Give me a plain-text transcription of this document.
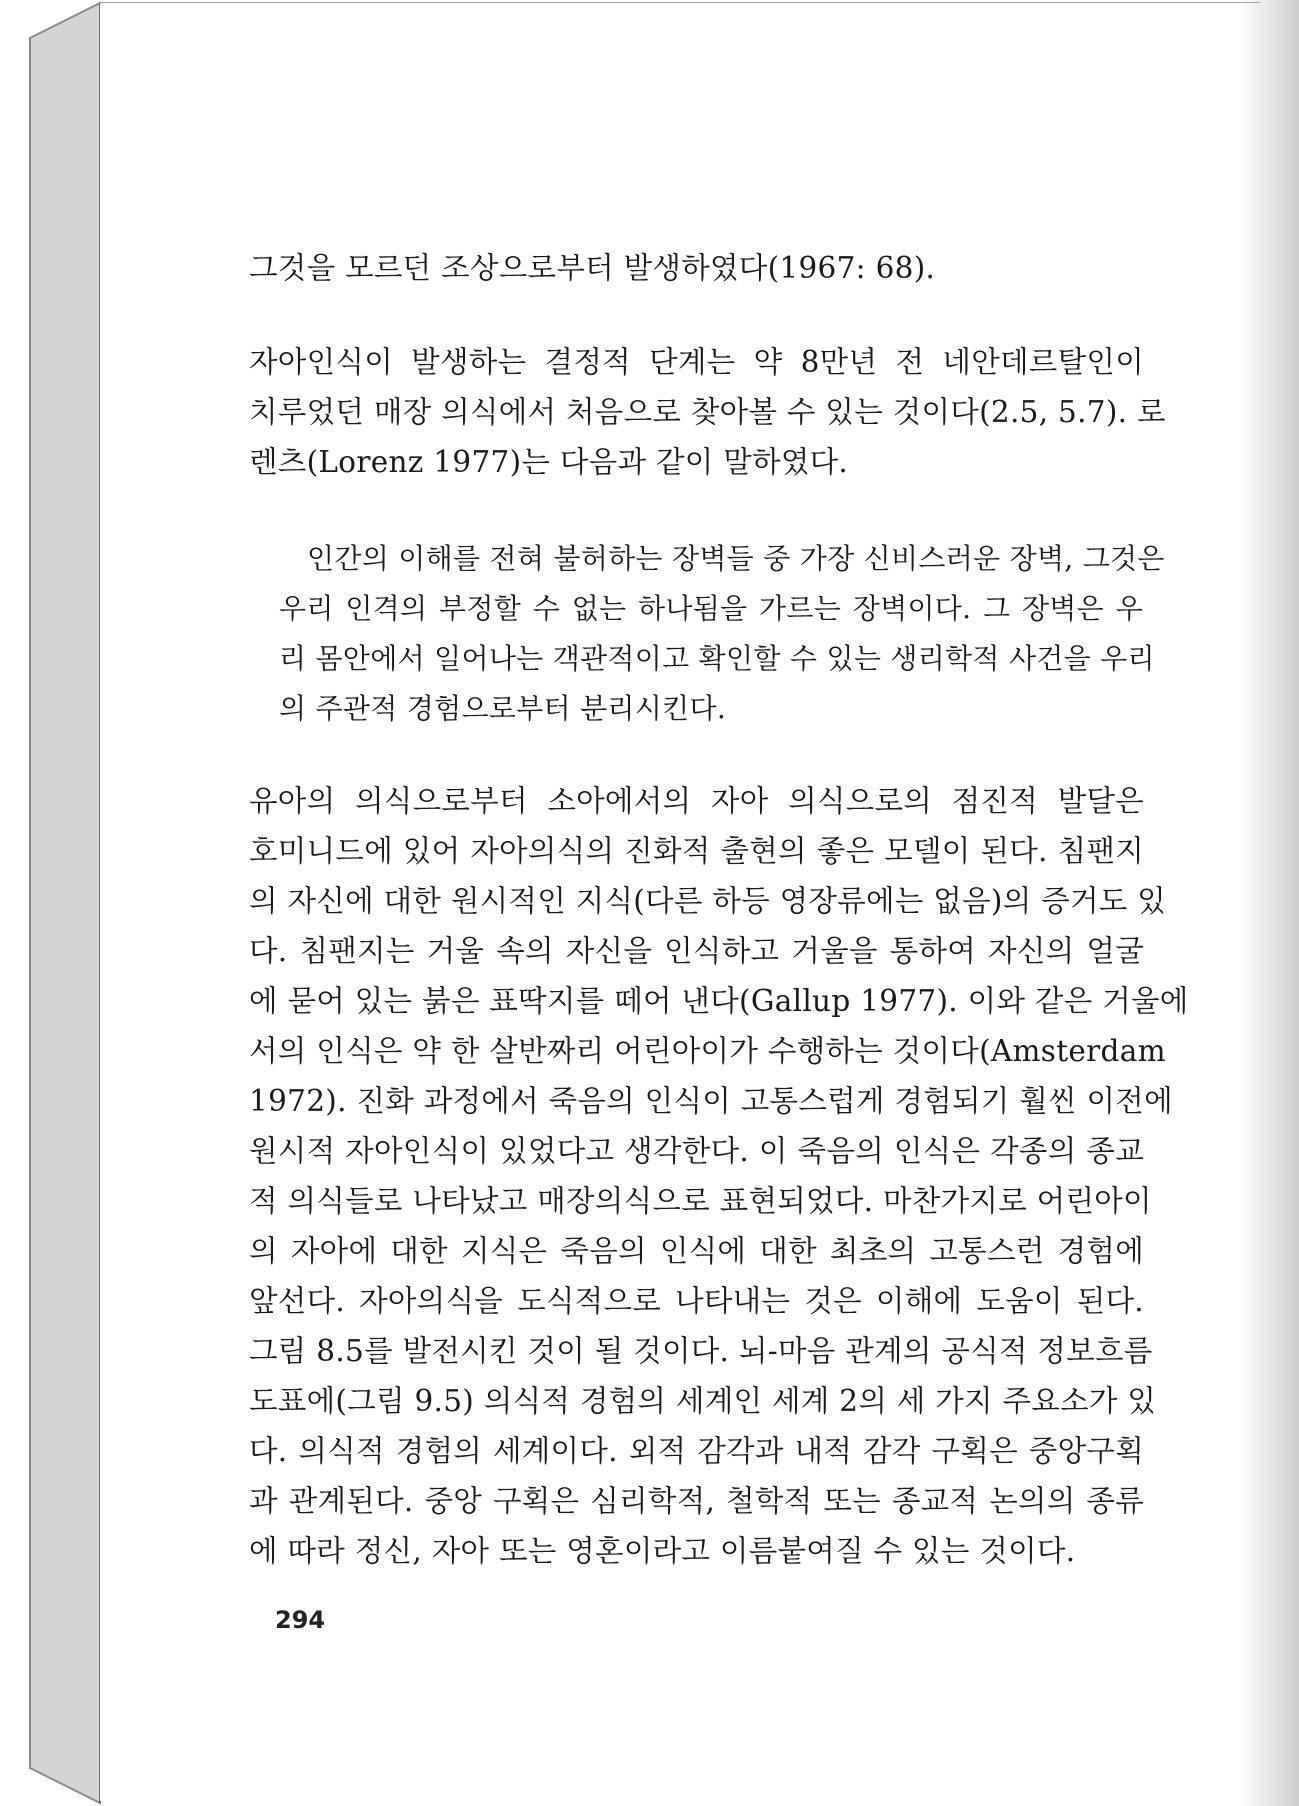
그것을 모르던 조상으로부터 발생하였다(1967: 68).

자아인식이 발생하는 결정적 단계는 약 8만년 전 네안데르탈인이

치루었던 매장 의식에서 처음으로 찾아볼 수 있는 것이다(2.5, 5.7). 로

렌츠(Lorenz 1977)는 다음과 같이 말하였다.

인간의 이해를 전혀 불허하는 장벽들 중 가장 신비스러운 장벽, 그것은

우리 인격의 부정할 수 없는 하나됨을 가르는 장벽이다. 그 장벽은 우

리 몸안에서 일어나는 객관적이고 확인할 수 있는 생리학적 사건을 우리

의 주관적 경험으로부터 분리시킨다.

유아의 의식으로부터 소아에서의 자아 의식으로의 점진적 발달은

호미니드에 있어 자아의식의 진화적 출현의 좋은 모델이 된다. 침팬지

의 자신에 대한 원시적인 지식(다른 하등 영장류에는 없음)의 증거도 있

다. 침팬지는 거울 속의 자신을 인식하고 거울을 통하여 자신의 얼굴

에 묻어 있는 붉은 표딱지를 떼어 낸다(Gallup 1977). 이와 같은 거울에

서의 인식은 약 한 살반짜리 어린아이가 수행하는 것이다(Amsterdam

1972). 진화 과정에서 죽음의 인식이 고통스럽게 경험되기 훨씬 이전에

원시적 자아인식이 있었다고 생각한다. 이 죽음의 인식은 각종의 종교

적 의식들로 나타났고 매장의식으로 표현되었다. 마찬가지로 어린아이

의 자아에 대한 지식은 죽음의 인식에 대한 최초의 고통스런 경험에

앞선다. 자아의식을 도식적으로 나타내는 것은 이해에 도움이 된다.

그림 8.5를 발전시킨 것이 될 것이다. 뇌-마음 관계의 공식적 정보흐름

도표에(그림 9.5) 의식적 경험의 세계인 세계 2의 세 가지 주요소가 있

다. 의식적 경험의 세계이다. 외적 감각과 내적 감각 구획은 중앙구획

과 관계된다. 중앙 구획은 심리학적, 철학적 또는 종교적 논의의 종류

에 따라 정신, 자아 또는 영혼이라고 이름붙여질 수 있는 것이다.

294
